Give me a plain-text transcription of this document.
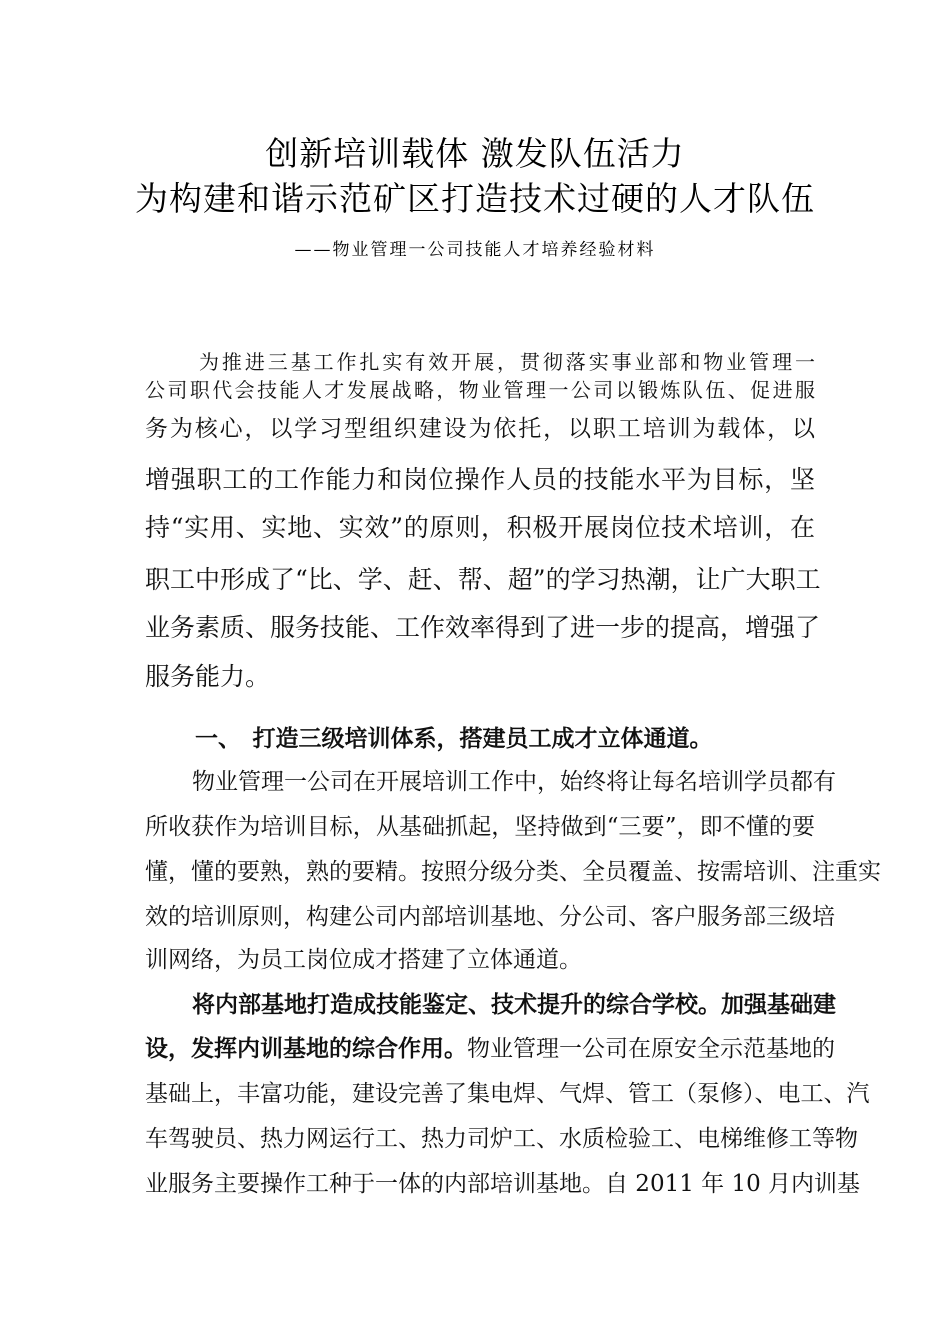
创新培训载体 激发队伍活力
为构建和谐示范矿区打造技术过硬的人才队伍
——物业管理一公司技能人才培养经验材料
为推进三基工作扎实有效开展，贯彻落实事业部和物业管理一
公司职代会技能人才发展战略，物业管理一公司以锻炼队伍、促进服
务为核心，以学习型组织建设为依托，以职工培训为载体，以
增强职工的工作能力和岗位操作人员的技能水平为目标，坚
持“实用、实地、实效”的原则，积极开展岗位技术培训，在
职工中形成了“比、学、赶、帮、超”的学习热潮，让广大职工
业务素质、服务技能、工作效率得到了进一步的提高，增强了
服务能力。
一、　打造三级培训体系，搭建员工成才立体通道。
物业管理一公司在开展培训工作中，始终将让每名培训学员都有
所收获作为培训目标，从基础抓起，坚持做到“三要”，即不懂的要
懂，懂的要熟，熟的要精。按照分级分类、全员覆盖、按需培训、注重实
效的培训原则，构建公司内部培训基地、分公司、客户服务部三级培
训网络，为员工岗位成才搭建了立体通道。
将内部基地打造成技能鉴定、技术提升的综合学校。加强基础建
设，发挥内训基地的综合作用。物业管理一公司在原安全示范基地的
基础上，丰富功能，建设完善了集电焊、气焊、管工（泵修）、电工、汽
车驾驶员、热力网运行工、热力司炉工、水质检验工、电梯维修工等物
业服务主要操作工种于一体的内部培训基地。自 2011 年 10 月内训基
